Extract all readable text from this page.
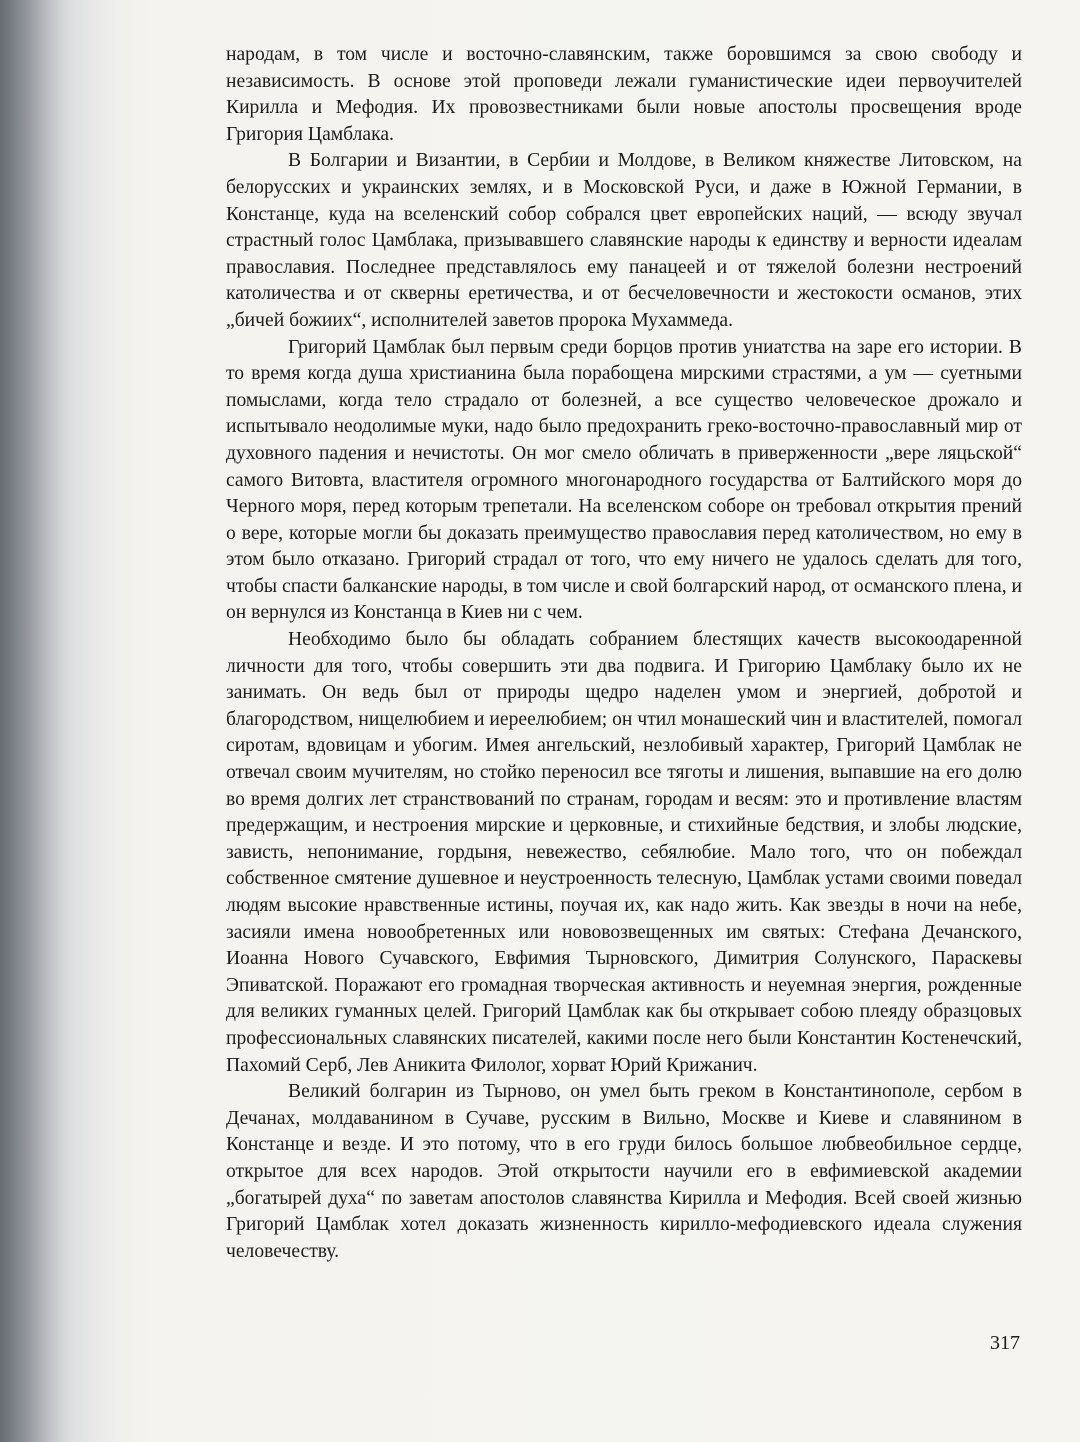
народам, в том числе и восточно-славянским, также боровшимся за свою свободу и независимость. В основе этой проповеди лежали гуманистические идеи первоучителей Кирилла и Мефодия. Их провозвестниками были новые апостолы просвещения вроде Григория Цамблака.

В Болгарии и Византии, в Сербии и Молдове, в Великом княжестве Литовском, на белорусских и украинских землях, и в Московской Руси, и даже в Южной Германии, в Констанце, куда на вселенский собор собрался цвет европейских наций, — всюду звучал страстный голос Цамблака, призывавшего славянские народы к единству и верности идеалам православия. Последнее представлялось ему панацеей и от тяжелой болезни нестроений католичества и от скверны еретичества, и от бесчеловечности и жестокости османов, этих „бичей божиих“, исполнителей заветов пророка Мухаммеда.

Григорий Цамблак был первым среди борцов против униатства на заре его истории. В то время когда душа христианина была порабощена мирскими страстями, а ум — суетными помыслами, когда тело страдало от болезней, а все существо человеческое дрожало и испытывало неодолимые муки, надо было предохранить греко-восточно-православный мир от духовного падения и нечистоты. Он мог смело обличать в приверженности „вере ляцьской“ самого Витовта, властителя огромного многонародного государства от Балтийского моря до Черного моря, перед которым трепетали. На вселенском соборе он требовал открытия прений о вере, которые могли бы доказать преимущество православия перед католичеством, но ему в этом было отказано. Григорий страдал от того, что ему ничего не удалось сделать для того, чтобы спасти балканские народы, в том числе и свой болгарский народ, от османского плена, и он вернулся из Констанца в Киев ни с чем.

Необходимо было бы обладать собранием блестящих качеств высокоодаренной личности для того, чтобы совершить эти два подвига. И Григорию Цамблаку было их не занимать. Он ведь был от природы щедро наделен умом и энергией, добротой и благородством, нищелюбием и иереелюбием; он чтил монашеский чин и властителей, помогал сиротам, вдовицам и убогим. Имея ангельский, незлобивый характер, Григорий Цамблак не отвечал своим мучителям, но стойко переносил все тяготы и лишения, выпавшие на его долю во время долгих лет странствований по странам, городам и весям: это и противление властям предержащим, и нестроения мирские и церковные, и стихийные бедствия, и злобы людские, зависть, непонимание, гордыня, невежество, себялюбие. Мало того, что он побеждал собственное смятение душевное и неустроенность телесную, Цамблак устами своими поведал людям высокие нравственные истины, поучая их, как надо жить. Как звезды в ночи на небе, засияли имена новообретенных или нововозвещенных им святых: Стефана Дечанского, Иоанна Нового Сучавского, Евфимия Тырновского, Димитрия Солунского, Параскевы Эпиватской. Поражают его громадная творческая активность и неуемная энергия, рожденные для великих гуманных целей. Григорий Цамблак как бы открывает собою плеяду образцовых профессиональных славянских писателей, какими после него были Константин Костенечский, Пахомий Серб, Лев Аникита Филолог, хорват Юрий Крижанич.

Великий болгарин из Тырново, он умел быть греком в Константинополе, сербом в Дечанах, молдаванином в Сучаве, русским в Вильно, Москве и Киеве и славянином в Констанце и везде. И это потому, что в его груди билось большое любвеобильное сердце, открытое для всех народов. Этой открытости научили его в евфимиевской академии „богатырей духа“ по заветам апостолов славянства Кирилла и Мефодия. Всей своей жизнью Григорий Цамблак хотел доказать жизненность кирилло-мефодиевского идеала служения человечеству.

317
